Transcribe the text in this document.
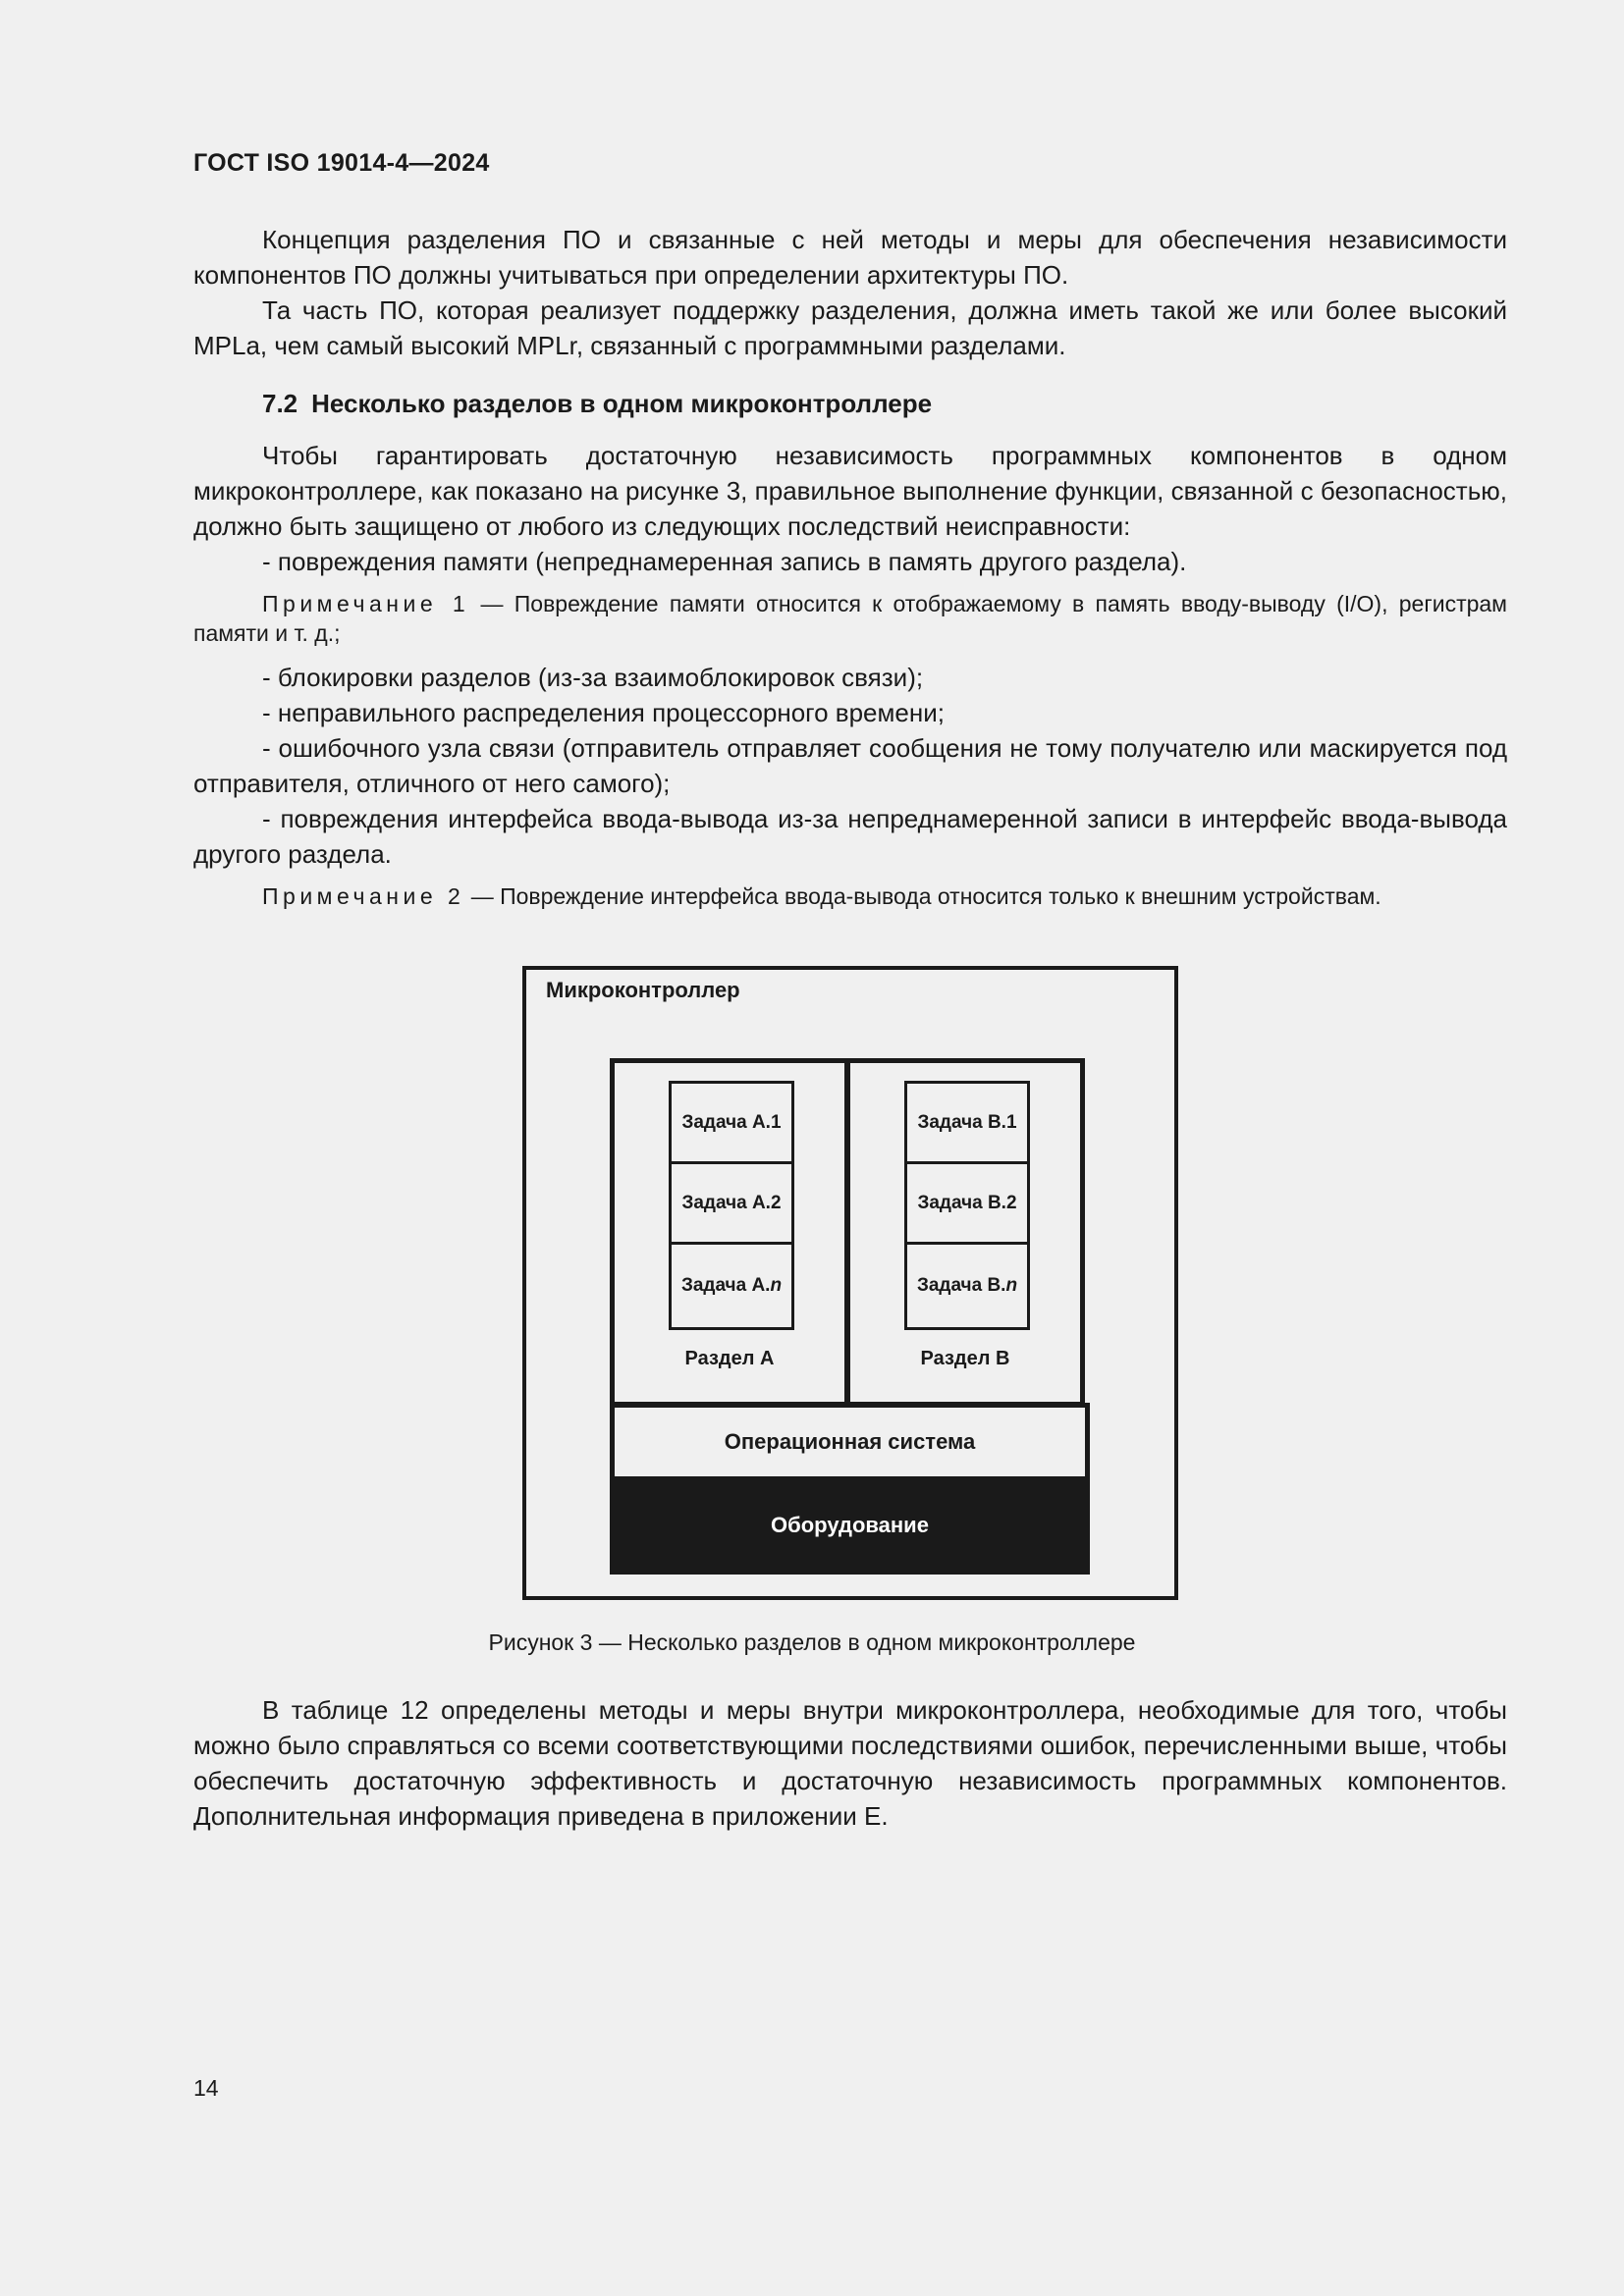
ГОСТ ISO 19014-4—2024

Концепция разделения ПО и связанные с ней методы и меры для обеспечения независимости компонентов ПО должны учитываться при определении архитектуры ПО.

Та часть ПО, которая реализует поддержку разделения, должна иметь такой же или более высокий MPLa, чем самый высокий MPLr, связанный с программными разделами.

7.2 Несколько разделов в одном микроконтроллере

Чтобы гарантировать достаточную независимость программных компонентов в одном микроконтроллере, как показано на рисунке 3, правильное выполнение функции, связанной с безопасностью, должно быть защищено от любого из следующих последствий неисправности:

- повреждения памяти (непреднамеренная запись в память другого раздела).

Примечание 1 — Повреждение памяти относится к отображаемому в память вводу-выводу (I/O), регистрам памяти и т. д.;

- блокировки разделов (из-за взаимоблокировок связи);

- неправильного распределения процессорного времени;

- ошибочного узла связи (отправитель отправляет сообщения не тому получателю или маскируется под отправителя, отличного от него самого);

- повреждения интерфейса ввода-вывода из-за непреднамеренной записи в интерфейс ввода-вывода другого раздела.

Примечание 2 — Повреждение интерфейса ввода-вывода относится только к внешним устройствам.

Микроконтроллер
Задача А.1
Задача А.2
Задача А. n
Раздел А
Задача В.1
Задача В.2
Задача В. n
Раздел В
Операционная система
Оборудование
Рисунок 3 — Несколько разделов в одном микроконтроллере

В таблице 12 определены методы и меры внутри микроконтроллера, необходимые для того, чтобы можно было справляться со всеми соответствующими последствиями ошибок, перечисленными выше, чтобы обеспечить достаточную эффективность и достаточную независимость программных компонентов. Дополнительная информация приведена в приложении Е.

14
